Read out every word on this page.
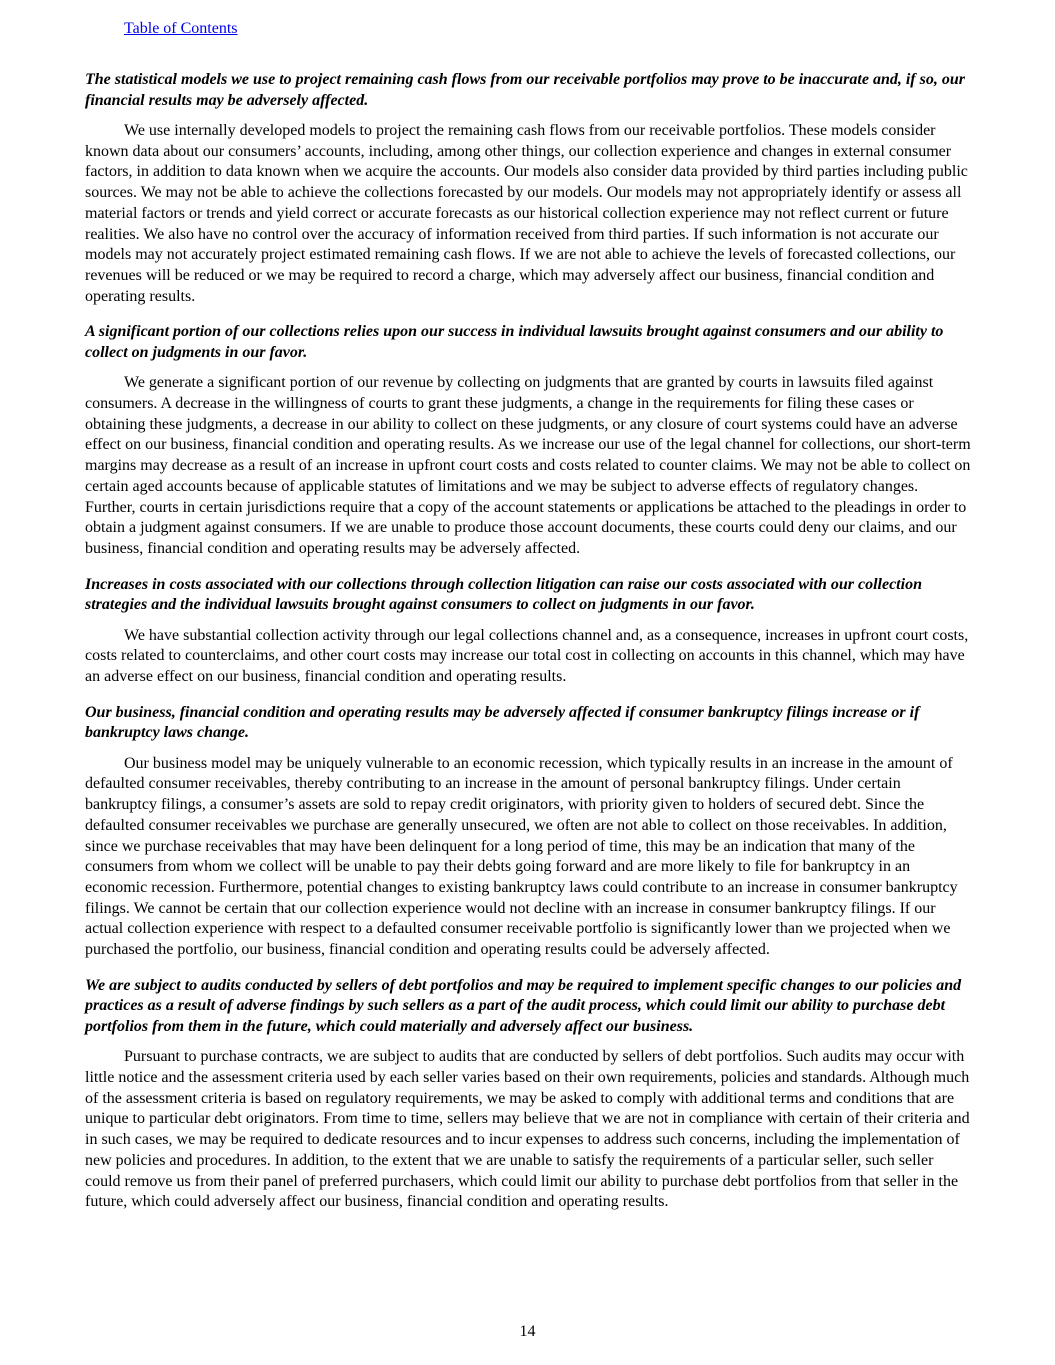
Table of Contents

The statistical models we use to project remaining cash flows from our receivable portfolios may prove to be inaccurate and, if so, our financial results may be adversely affected.

We use internally developed models to project the remaining cash flows from our receivable portfolios. These models consider known data about our consumers’ accounts, including, among other things, our collection experience and changes in external consumer factors, in addition to data known when we acquire the accounts. Our models also consider data provided by third parties including public sources. We may not be able to achieve the collections forecasted by our models. Our models may not appropriately identify or assess all material factors or trends and yield correct or accurate forecasts as our historical collection experience may not reflect current or future realities. We also have no control over the accuracy of information received from third parties. If such information is not accurate our models may not accurately project estimated remaining cash flows. If we are not able to achieve the levels of forecasted collections, our revenues will be reduced or we may be required to record a charge, which may adversely affect our business, financial condition and operating results.

A significant portion of our collections relies upon our success in individual lawsuits brought against consumers and our ability to collect on judgments in our favor.

We generate a significant portion of our revenue by collecting on judgments that are granted by courts in lawsuits filed against consumers. A decrease in the willingness of courts to grant these judgments, a change in the requirements for filing these cases or obtaining these judgments, a decrease in our ability to collect on these judgments, or any closure of court systems could have an adverse effect on our business, financial condition and operating results. As we increase our use of the legal channel for collections, our short-term margins may decrease as a result of an increase in upfront court costs and costs related to counter claims. We may not be able to collect on certain aged accounts because of applicable statutes of limitations and we may be subject to adverse effects of regulatory changes. Further, courts in certain jurisdictions require that a copy of the account statements or applications be attached to the pleadings in order to obtain a judgment against consumers. If we are unable to produce those account documents, these courts could deny our claims, and our business, financial condition and operating results may be adversely affected.

Increases in costs associated with our collections through collection litigation can raise our costs associated with our collection strategies and the individual lawsuits brought against consumers to collect on judgments in our favor.

We have substantial collection activity through our legal collections channel and, as a consequence, increases in upfront court costs, costs related to counterclaims, and other court costs may increase our total cost in collecting on accounts in this channel, which may have an adverse effect on our business, financial condition and operating results.

Our business, financial condition and operating results may be adversely affected if consumer bankruptcy filings increase or if bankruptcy laws change.

Our business model may be uniquely vulnerable to an economic recession, which typically results in an increase in the amount of defaulted consumer receivables, thereby contributing to an increase in the amount of personal bankruptcy filings. Under certain bankruptcy filings, a consumer’s assets are sold to repay credit originators, with priority given to holders of secured debt. Since the defaulted consumer receivables we purchase are generally unsecured, we often are not able to collect on those receivables. In addition, since we purchase receivables that may have been delinquent for a long period of time, this may be an indication that many of the consumers from whom we collect will be unable to pay their debts going forward and are more likely to file for bankruptcy in an economic recession. Furthermore, potential changes to existing bankruptcy laws could contribute to an increase in consumer bankruptcy filings. We cannot be certain that our collection experience would not decline with an increase in consumer bankruptcy filings. If our actual collection experience with respect to a defaulted consumer receivable portfolio is significantly lower than we projected when we purchased the portfolio, our business, financial condition and operating results could be adversely affected.

We are subject to audits conducted by sellers of debt portfolios and may be required to implement specific changes to our policies and practices as a result of adverse findings by such sellers as a part of the audit process, which could limit our ability to purchase debt portfolios from them in the future, which could materially and adversely affect our business.

Pursuant to purchase contracts, we are subject to audits that are conducted by sellers of debt portfolios. Such audits may occur with little notice and the assessment criteria used by each seller varies based on their own requirements, policies and standards. Although much of the assessment criteria is based on regulatory requirements, we may be asked to comply with additional terms and conditions that are unique to particular debt originators. From time to time, sellers may believe that we are not in compliance with certain of their criteria and in such cases, we may be required to dedicate resources and to incur expenses to address such concerns, including the implementation of new policies and procedures. In addition, to the extent that we are unable to satisfy the requirements of a particular seller, such seller could remove us from their panel of preferred purchasers, which could limit our ability to purchase debt portfolios from that seller in the future, which could adversely affect our business, financial condition and operating results.

14
